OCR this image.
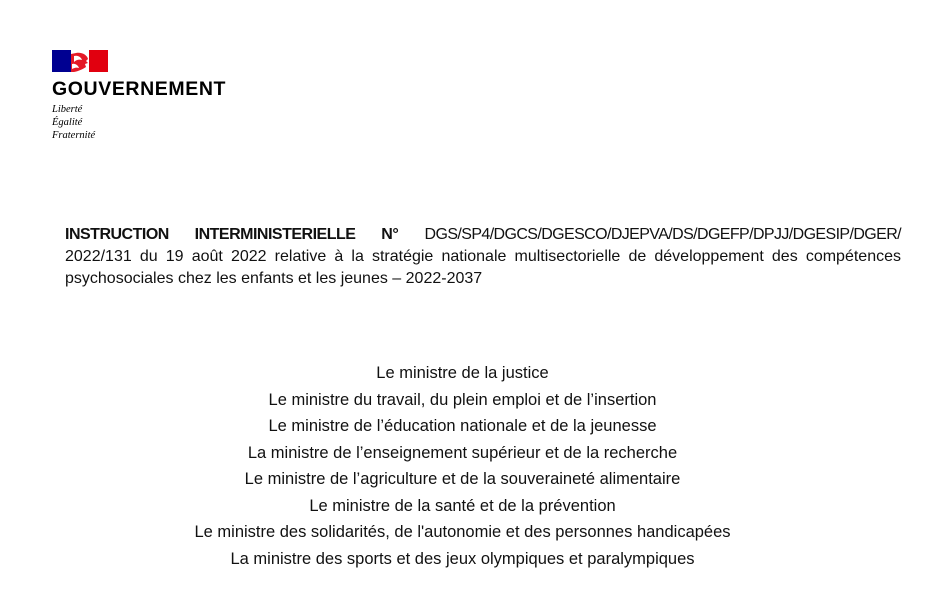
GOUVERNEMENT
Liberté
Égalité
Fraternité

INSTRUCTION INTERMINISTERIELLE N° DGS/SP4/DGCS/DGESCO/DJEPVA/DS/DGEFP/DPJJ/DGESIP/DGER/ 2022/131 du 19 août 2022 relative à la stratégie nationale multisectorielle de développement des compétences psychosociales chez les enfants et les jeunes – 2022-2037

Le ministre de la justice
Le ministre du travail, du plein emploi et de l’insertion
Le ministre de l’éducation nationale et de la jeunesse
La ministre de l’enseignement supérieur et de la recherche
Le ministre de l’agriculture et de la souveraineté alimentaire
Le ministre de la santé et de la prévention
Le ministre des solidarités, de l'autonomie et des personnes handicapées
La ministre des sports et des jeux olympiques et paralympiques
